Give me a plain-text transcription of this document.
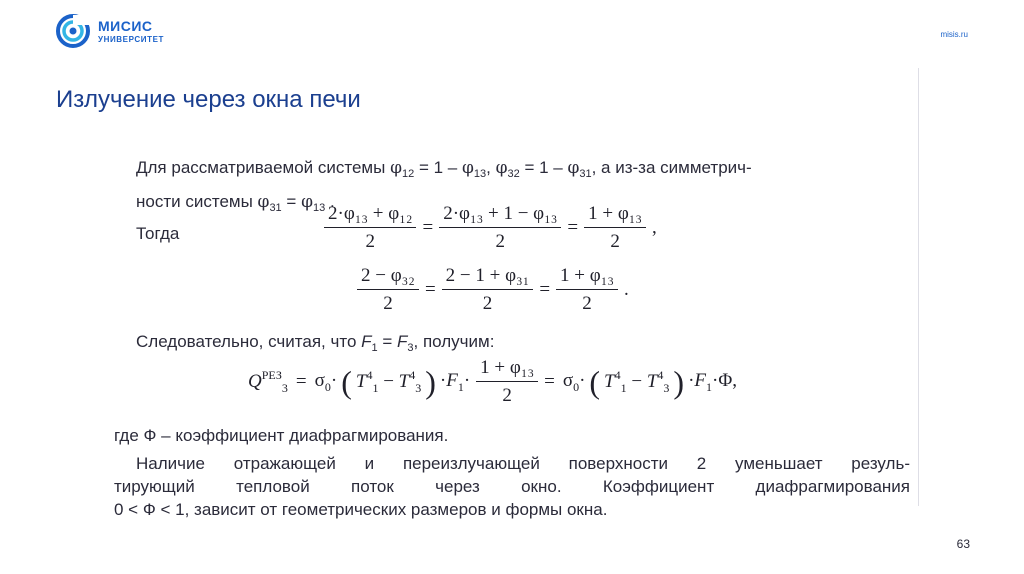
МИСИС
УНИВЕРСИТЕТ
misis.ru
Излучение через окна печи
Для рассматриваемой системы $\varphi_{12} = 1 - \varphi_{13}$, $\varphi_{32} = 1 - \varphi_{31}$, а из-за симметрич-
ности системы $\varphi_{31} = \varphi_{13}$ .
Тогда	$\frac{\text{2·φ₁₃ + φ₁₂}}{2} = \frac{\text{2·φ₁₃ + 1 − φ₁₃}}{2} = \frac{\text{1 + φ₁₃}}{2}$ ,
$\frac{\text{2 − φ₃₂}}{2} = \frac{\text{2 − 1 + φ₃₁}}{2} = \frac{\text{1 + φ₁₃}}{2}$ .
Следовательно, считая, что $F_1 = F_3$, получим:
$Q^{РЕЗ}_3 = \sigma_0\cdot$ ( $T^4_1 - T^4_3$ ) $\cdot F_1\cdot \frac{\text{1 + φ₁₃}}{2} = \sigma_0\cdot$ ( $T^4_1 - T^4_3$ ) $\cdot F_1\cdot\Phi$,
где Ф – коэффициент диафрагмирования.
Наличие отражающей и переизлучающей поверхности 2 уменьшает резуль-
тирующий тепловой поток через окно. Коэффициент диафрагмирования
0 < Ф < 1, зависит от геометрических размеров и формы окна.
63
